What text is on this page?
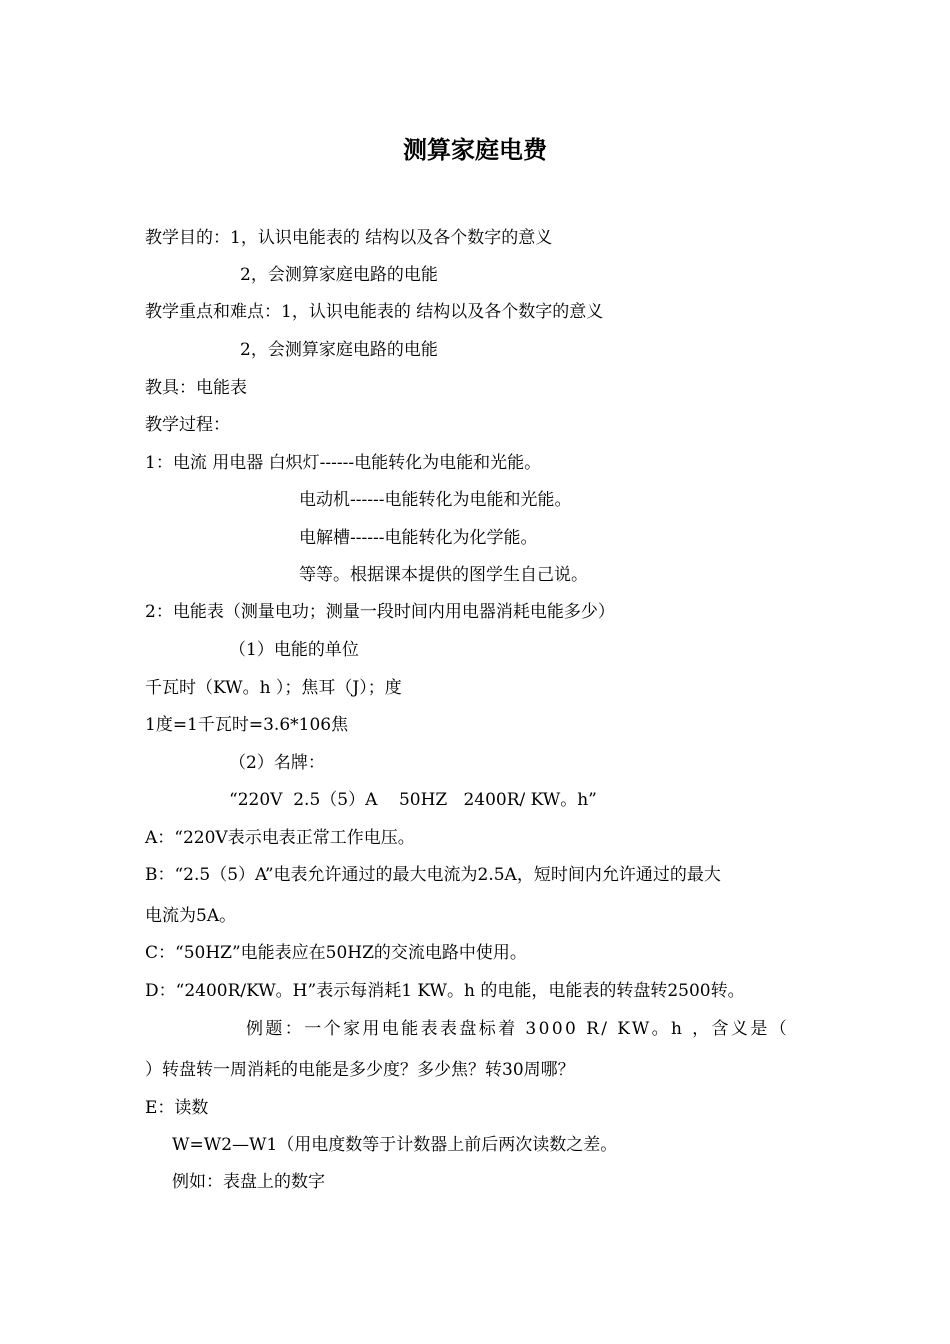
测算家庭电费
教学目的：1，认识电能表的 结构以及各个数字的意义
2，会测算家庭电路的电能
教学重点和难点：1，认识电能表的 结构以及各个数字的意义
2，会测算家庭电路的电能
教具：电能表
教学过程：
1：电流 用电器 白炽灯------电能转化为电能和光能。
电动机------电能转化为电能和光能。
电解槽------电能转化为化学能。
等等。根据课本提供的图学生自己说。
2：电能表（测量电功；测量一段时间内用电器消耗电能多少）
（1）电能的单位
千瓦时（KW。h ）；焦耳（J）；度
1度=1千瓦时=3.6*106焦
（2）名牌：
“220V  2.5（5）A    50HZ   2400R/ KW。h”
A：“220V表示电表正常工作电压。
B：“2.5（5）A”电表允许通过的最大电流为2.5A，短时间内允许通过的最大
电流为5A。
C：“50HZ”电能表应在50HZ的交流电路中使用。
D：“2400R/KW。H”表示每消耗1 KW。h 的电能，电能表的转盘转2500转。
例题：一个家用电能表表盘标着 3000 R/ KW。h ，含义是（
）转盘转一周消耗的电能是多少度？多少焦？转30周哪？
E：读数
W=W2—W1（用电度数等于计数器上前后两次读数之差。
例如：表盘上的数字
